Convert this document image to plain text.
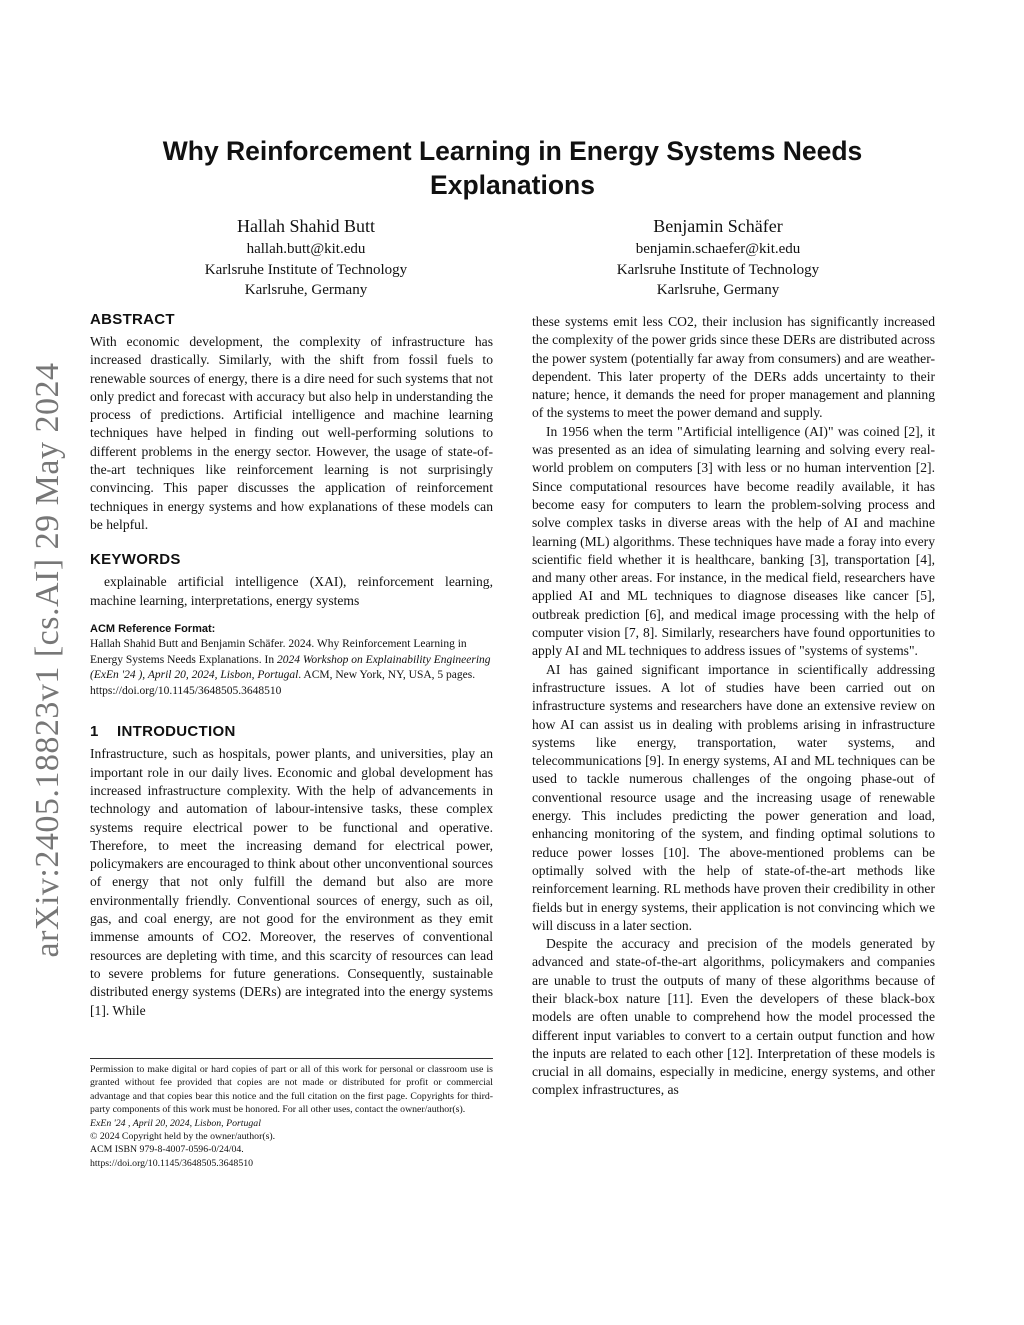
arXiv:2405.18823v1 [cs.AI] 29 May 2024
Why Reinforcement Learning in Energy Systems Needs Explanations
Hallah Shahid Butt
hallah.butt@kit.edu
Karlsruhe Institute of Technology
Karlsruhe, Germany
Benjamin Schäfer
benjamin.schaefer@kit.edu
Karlsruhe Institute of Technology
Karlsruhe, Germany
ABSTRACT

With economic development, the complexity of infrastructure has increased drastically. Similarly, with the shift from fossil fuels to renewable sources of energy, there is a dire need for such systems that not only predict and forecast with accuracy but also help in understanding the process of predictions. Artificial intelligence and machine learning techniques have helped in finding out well-performing solutions to different problems in the energy sector. However, the usage of state-of-the-art techniques like reinforcement learning is not surprisingly convincing. This paper discusses the application of reinforcement techniques in energy systems and how explanations of these models can be helpful.

KEYWORDS

explainable artificial intelligence (XAI), reinforcement learning, machine learning, interpretations, energy systems

ACM Reference Format:
Hallah Shahid Butt and Benjamin Schäfer. 2024. Why Reinforcement Learning in Energy Systems Needs Explanations. In 2024 Workshop on Explainability Engineering (ExEn '24 ), April 20, 2024, Lisbon, Portugal. ACM, New York, NY, USA, 5 pages. https://doi.org/10.1145/3648505.3648510
1 INTRODUCTION

Infrastructure, such as hospitals, power plants, and universities, play an important role in our daily lives. Economic and global development has increased infrastructure complexity. With the help of advancements in technology and automation of labour-intensive tasks, these complex systems require electrical power to be functional and operative. Therefore, to meet the increasing demand for electrical power, policymakers are encouraged to think about other unconventional sources of energy that not only fulfill the demand but also are more environmentally friendly. Conventional sources of energy, such as oil, gas, and coal energy, are not good for the environment as they emit immense amounts of CO2. Moreover, the reserves of conventional resources are depleting with time, and this scarcity of resources can lead to severe problems for future generations. Consequently, sustainable distributed energy systems (DERs) are integrated into the energy systems [1]. While

Permission to make digital or hard copies of part or all of this work for personal or classroom use is granted without fee provided that copies are not made or distributed for profit or commercial advantage and that copies bear this notice and the full citation on the first page. Copyrights for third-party components of this work must be honored. For all other uses, contact the owner/author(s).
ExEn '24 , April 20, 2024, Lisbon, Portugal
© 2024 Copyright held by the owner/author(s).
ACM ISBN 979-8-4007-0596-0/24/04.
https://doi.org/10.1145/3648505.3648510

these systems emit less CO2, their inclusion has significantly increased the complexity of the power grids since these DERs are distributed across the power system (potentially far away from consumers) and are weather-dependent. This later property of the DERs adds uncertainty to their nature; hence, it demands the need for proper management and planning of the systems to meet the power demand and supply.

In 1956 when the term "Artificial intelligence (AI)" was coined [2], it was presented as an idea of simulating learning and solving every real-world problem on computers [3] with less or no human intervention [2]. Since computational resources have become readily available, it has become easy for computers to learn the problem-solving process and solve complex tasks in diverse areas with the help of AI and machine learning (ML) algorithms. These techniques have made a foray into every scientific field whether it is healthcare, banking [3], transportation [4], and many other areas. For instance, in the medical field, researchers have applied AI and ML techniques to diagnose diseases like cancer [5], outbreak prediction [6], and medical image processing with the help of computer vision [7, 8]. Similarly, researchers have found opportunities to apply AI and ML techniques to address issues of "systems of systems".

AI has gained significant importance in scientifically addressing infrastructure issues. A lot of studies have been carried out on infrastructure systems and researchers have done an extensive review on how AI can assist us in dealing with problems arising in infrastructure systems like energy, transportation, water systems, and telecommunications [9]. In energy systems, AI and ML techniques can be used to tackle numerous challenges of the ongoing phase-out of conventional resource usage and the increasing usage of renewable energy. This includes predicting the power generation and load, enhancing monitoring of the system, and finding optimal solutions to reduce power losses [10]. The above-mentioned problems can be optimally solved with the help of state-of-the-art methods like reinforcement learning. RL methods have proven their credibility in other fields but in energy systems, their application is not convincing which we will discuss in a later section.

Despite the accuracy and precision of the models generated by advanced and state-of-the-art algorithms, policymakers and companies are unable to trust the outputs of many of these algorithms because of their black-box nature [11]. Even the developers of these black-box models are often unable to comprehend how the model processed the different input variables to convert to a certain output function and how the inputs are related to each other [12]. Interpretation of these models is crucial in all domains, especially in medicine, energy systems, and other complex infrastructures, as
